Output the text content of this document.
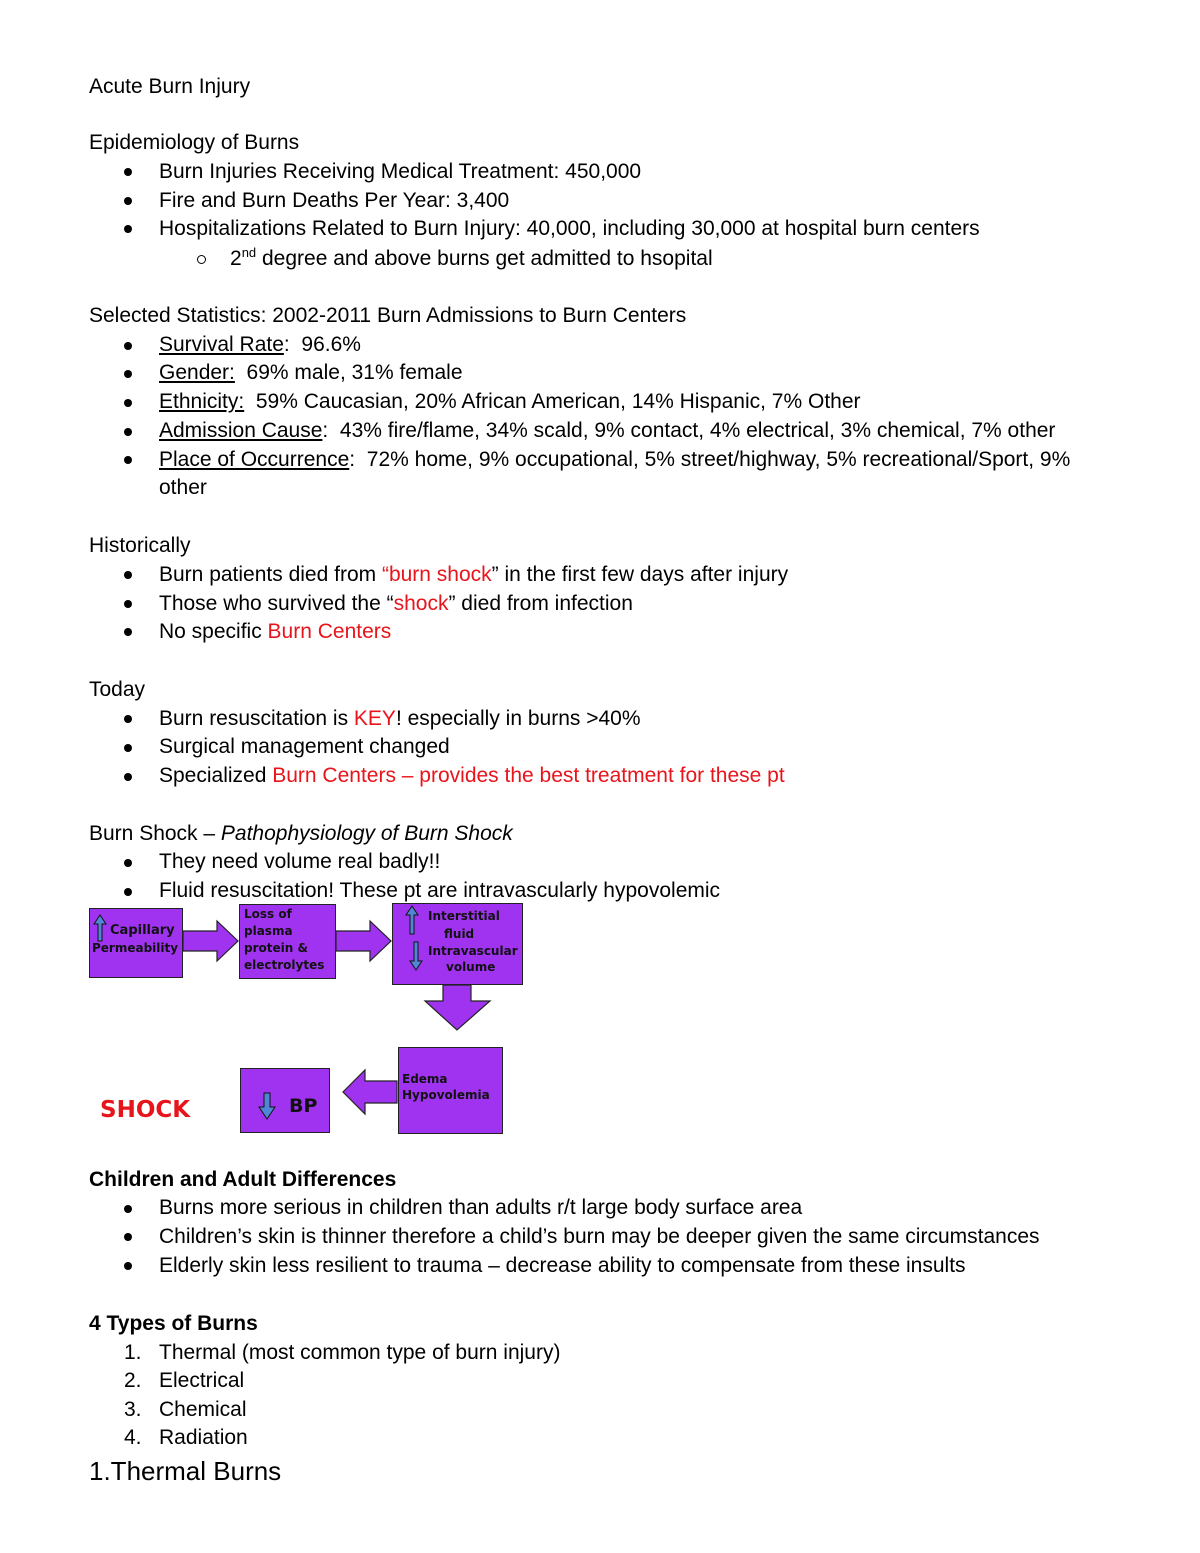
Acute Burn Injury
Epidemiology of Burns
Burn Injuries Receiving Medical Treatment: 450,000
Fire and Burn Deaths Per Year: 3,400
Hospitalizations Related to Burn Injury: 40,000, including 30,000 at hospital burn centers
2nd degree and above burns get admitted to hsopital
Selected Statistics: 2002-2011 Burn Admissions to Burn Centers
Survival Rate:  96.6%
Gender:  69% male, 31% female
Ethnicity:  59% Caucasian, 20% African American, 14% Hispanic, 7% Other
Admission Cause:  43% fire/flame, 34% scald, 9% contact, 4% electrical, 3% chemical, 7% other
Place of Occurrence:  72% home, 9% occupational, 5% street/highway, 5% recreational/Sport, 9%
other
Historically
Burn patients died from “burn shock” in the first few days after injury
Those who survived the “shock” died from infection
No specific Burn Centers
Today
Burn resuscitation is KEY! especially in burns >40%
Surgical management changed
Specialized Burn Centers – provides the best treatment for these pt
Burn Shock – Pathophysiology of Burn Shock
They need volume real badly!!
Fluid resuscitation! These pt are intravascularly hypovolemic
Capillary
Permeability
Loss of
plasma
protein &
electrolytes
Interstitial
fluid
Intravascular
volume
Edema
Hypovolemia
BP
SHOCK
Children and Adult Differences
Burns more serious in children than adults r/t large body surface area
Children’s skin is thinner therefore a child’s burn may be deeper given the same circumstances
Elderly skin less resilient to trauma – decrease ability to compensate from these insults
4 Types of Burns
1. Thermal (most common type of burn injury)
2. Electrical
3. Chemical
4. Radiation
1.Thermal Burns
